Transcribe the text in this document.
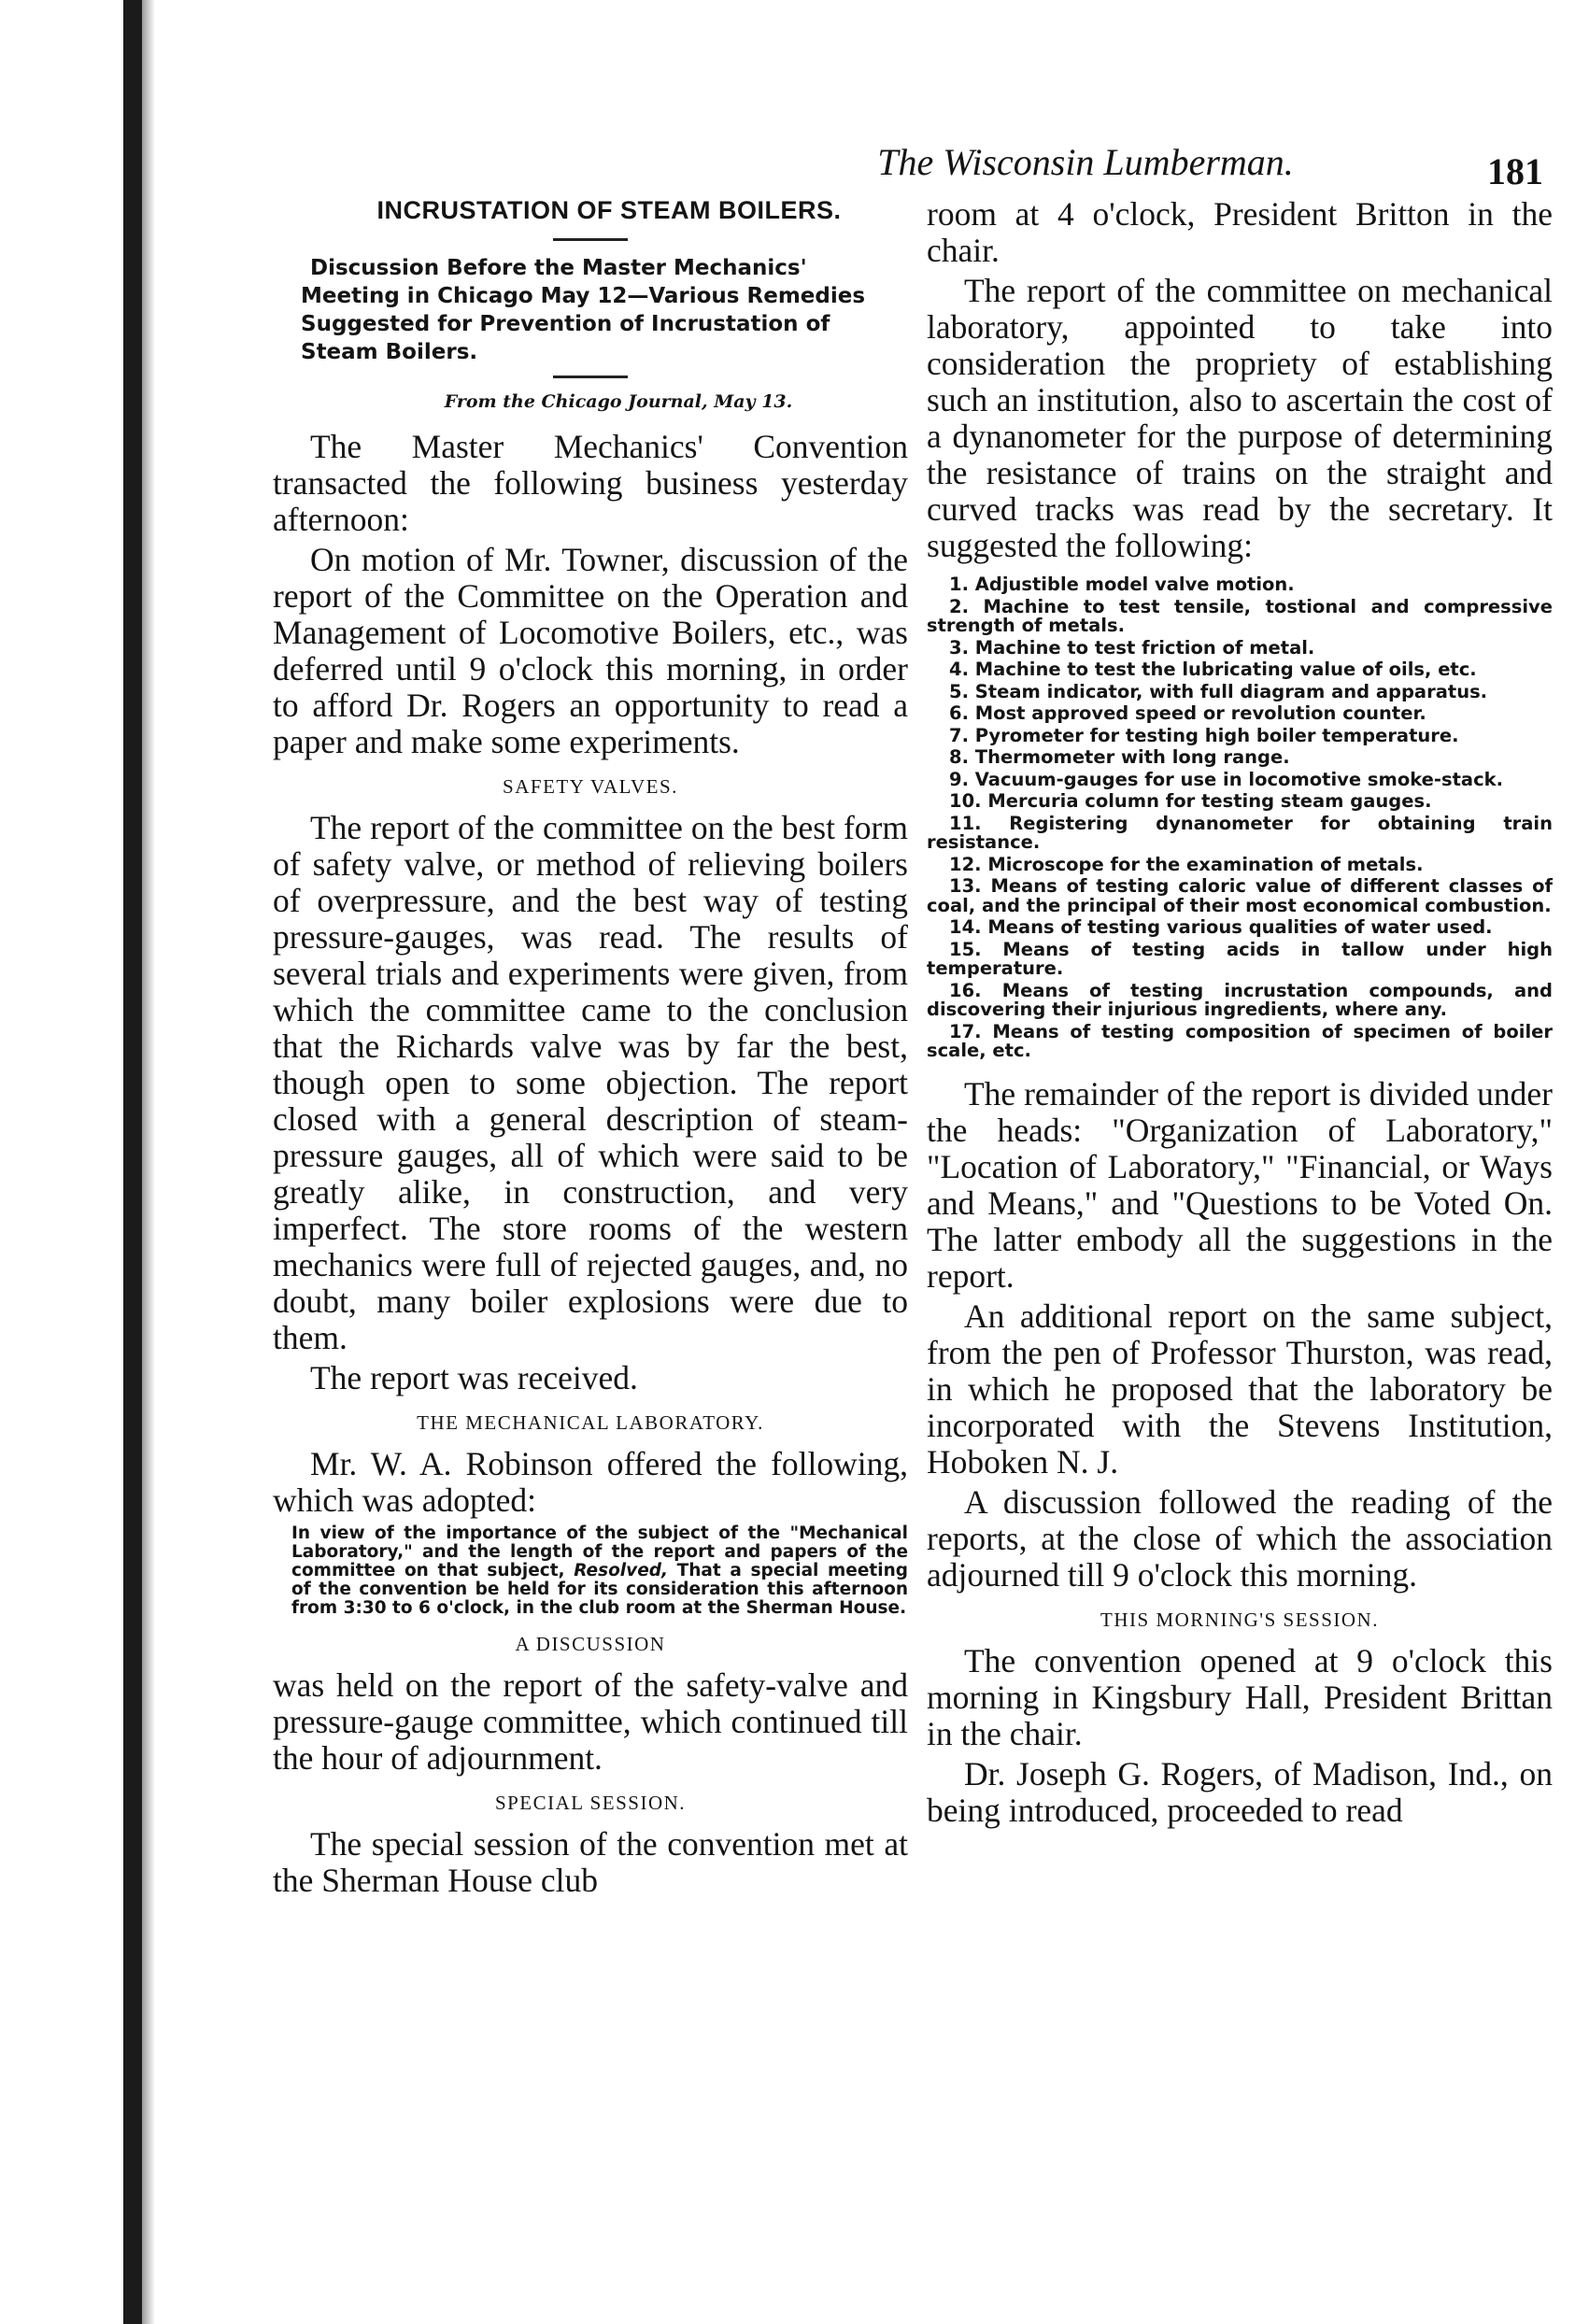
The Wisconsin Lumberman.	181
INCRUSTATION OF STEAM BOILERS.
Discussion Before the Master Mechanics' Meeting in Chicago May 12—Various Remedies Suggested for Prevention of Incrustation of Steam Boilers.
From the Chicago Journal, May 13.

The Master Mechanics' Convention transacted the following business yesterday afternoon:

On motion of Mr. Towner, discussion of the report of the Committee on the Operation and Management of Locomotive Boilers, etc., was deferred until 9 o'clock this morning, in order to afford Dr. Rogers an opportunity to read a paper and make some experiments.

SAFETY VALVES.

The report of the committee on the best form of safety valve, or method of relieving boilers of overpressure, and the best way of testing pressure-gauges, was read. The results of several trials and experiments were given, from which the committee came to the conclusion that the Richards valve was by far the best, though open to some objection. The report closed with a general description of steam-pressure gauges, all of which were said to be greatly alike, in construction, and very imperfect. The store rooms of the western mechanics were full of rejected gauges, and, no doubt, many boiler explosions were due to them.

The report was received.

THE MECHANICAL LABORATORY.

Mr. W. A. Robinson offered the following, which was adopted:

In view of the importance of the subject of the "Mechanical Laboratory," and the length of the report and papers of the committee on that subject, Resolved, That a special meeting of the convention be held for its consideration this afternoon from 3:30 to 6 o'clock, in the club room at the Sherman House.
A DISCUSSION

was held on the report of the safety-valve and pressure-gauge committee, which continued till the hour of adjournment.

SPECIAL SESSION.

The special session of the convention met at the Sherman House club

room at 4 o'clock, President Britton in the chair.

The report of the committee on mechanical laboratory, appointed to take into consideration the propriety of establishing such an institution, also to ascertain the cost of a dynanometer for the purpose of determining the resistance of trains on the straight and curved tracks was read by the secretary. It suggested the following:

1. Adjustible model valve motion.
2. Machine to test tensile, tostional and compressive strength of metals.
3. Machine to test friction of metal.
4. Machine to test the lubricating value of oils, etc.
5. Steam indicator, with full diagram and apparatus.
6. Most approved speed or revolution counter.
7. Pyrometer for testing high boiler temperature.
8. Thermometer with long range.
9. Vacuum-gauges for use in locomotive smoke-stack.
10. Mercuria column for testing steam gauges.
11. Registering dynanometer for obtaining train resistance.
12. Microscope for the examination of metals.
13. Means of testing caloric value of different classes of coal, and the principal of their most economical combustion.
14. Means of testing various qualities of water used.
15. Means of testing acids in tallow under high temperature.
16. Means of testing incrustation compounds, and discovering their injurious ingredients, where any.
17. Means of testing composition of specimen of boiler scale, etc.

The remainder of the report is divided under the heads: "Organization of Laboratory," "Location of Laboratory," "Financial, or Ways and Means," and "Questions to be Voted On. The latter embody all the suggestions in the report.

An additional report on the same subject, from the pen of Professor Thurston, was read, in which he proposed that the laboratory be incorporated with the Stevens Institution, Hoboken N. J.

A discussion followed the reading of the reports, at the close of which the association adjourned till 9 o'clock this morning.

THIS MORNING'S SESSION.

The convention opened at 9 o'clock this morning in Kingsbury Hall, President Brittan in the chair.

Dr. Joseph G. Rogers, of Madison, Ind., on being introduced, proceeded to read
